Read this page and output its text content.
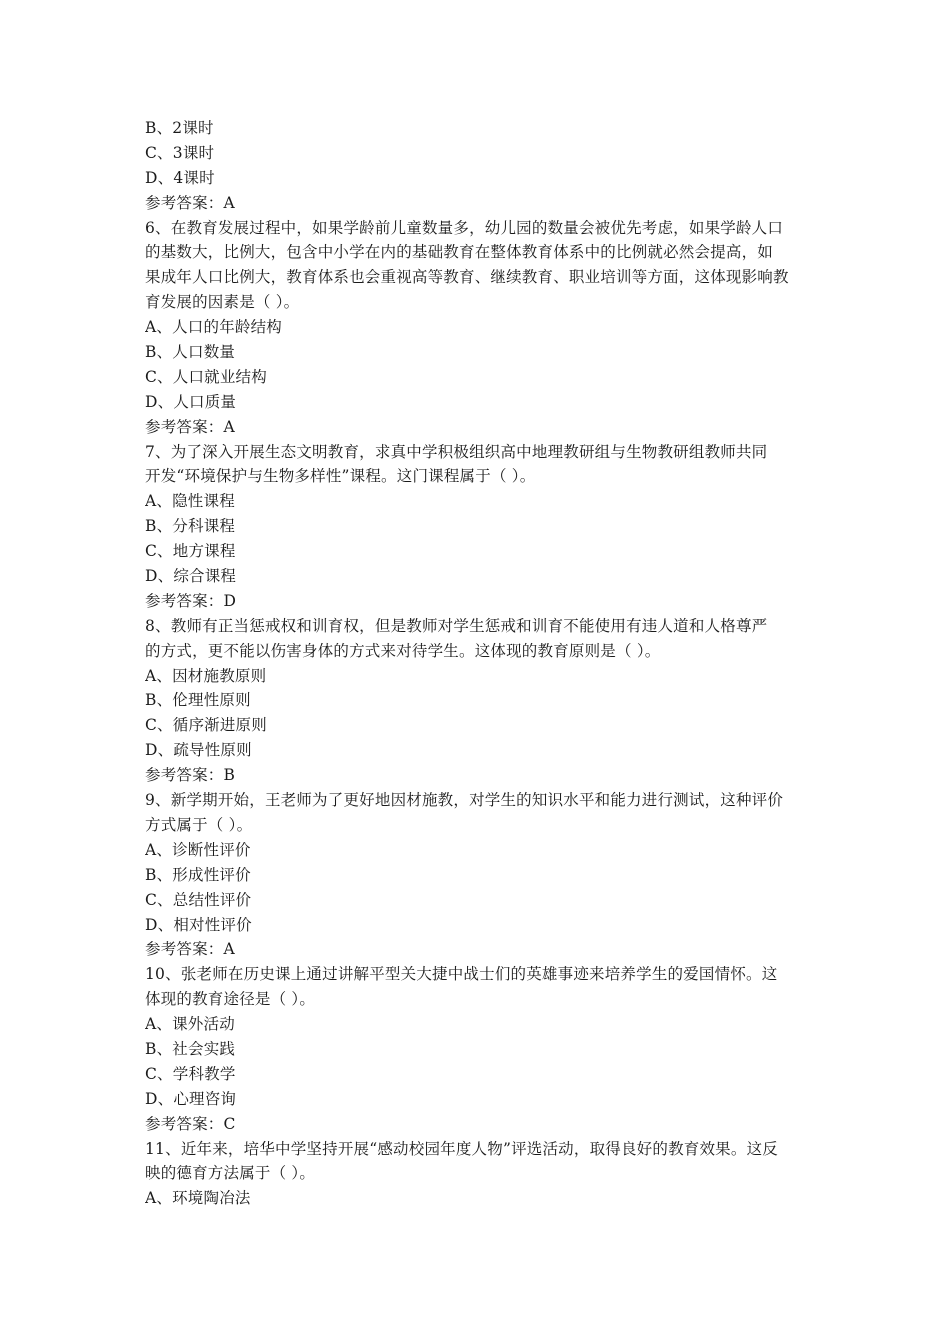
B、2课时
C、3课时
D、4课时
参考答案：A
6、在教育发展过程中，如果学龄前儿童数量多，幼儿园的数量会被优先考虑，如果学龄人口
的基数大，比例大，包含中小学在内的基础教育在整体教育体系中的比例就必然会提高，如
果成年人口比例大，教育体系也会重视高等教育、继续教育、职业培训等方面，这体现影响教
育发展的因素是（ ）。
A、人口的年龄结构
B、人口数量
C、人口就业结构
D、人口质量
参考答案：A
7、为了深入开展生态文明教育，求真中学积极组织高中地理教研组与生物教研组教师共同
开发“环境保护与生物多样性”课程。这门课程属于（ ）。
A、隐性课程
B、分科课程
C、地方课程
D、综合课程
参考答案：D
8、教师有正当惩戒权和训育权，但是教师对学生惩戒和训育不能使用有违人道和人格尊严
的方式，更不能以伤害身体的方式来对待学生。这体现的教育原则是（ ）。
A、因材施教原则
B、伦理性原则
C、循序渐进原则
D、疏导性原则
参考答案：B
9、新学期开始，王老师为了更好地因材施教，对学生的知识水平和能力进行测试，这种评价
方式属于（ ）。
A、诊断性评价
B、形成性评价
C、总结性评价
D、相对性评价
参考答案：A
10、张老师在历史课上通过讲解平型关大捷中战士们的英雄事迹来培养学生的爱国情怀。这
体现的教育途径是（ ）。
A、课外活动
B、社会实践
C、学科教学
D、心理咨询
参考答案：C
11、近年来，培华中学坚持开展“感动校园年度人物”评选活动，取得良好的教育效果。这反
映的德育方法属于（ ）。
A、环境陶冶法
